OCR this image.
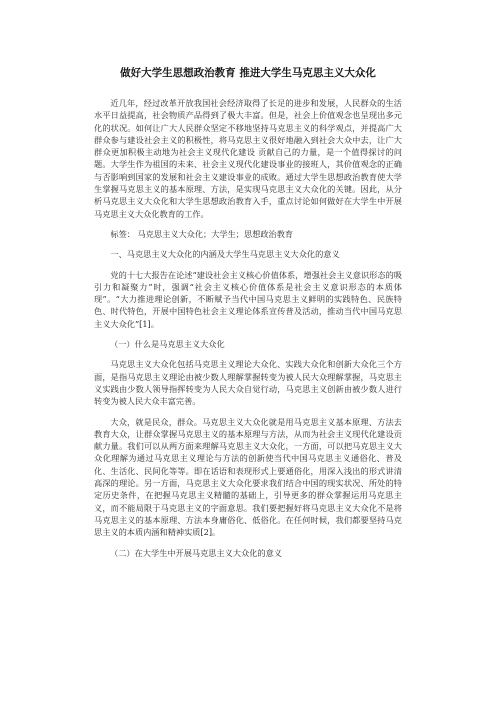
做好大学生思想政治教育 推进大学生马克思主义大众化

近几年，经过改革开放我国社会经济取得了长足的进步和发展，人民群众的生活水平日益提高，社会物质产品得到了极大丰富。但是，社会上价值观念也呈现出多元化的状况。如何让广大人民群众坚定不移地坚持马克思主义的科学观点，并提高广大群众参与建设社会主义的积极性，将马克思主义很好地融入到社会大众中去，让广大群众更加积极主动地为社会主义现代化建设 贡献自己的力量，是一个值得探讨的问题。大学生作为祖国的未来、社会主义现代化建设事业的接班人，其价值观念的正确与否影响到国家的发展和社会主义建设事业的成败。通过大学生思想政治教育使大学生掌握马克思主义的基本原理、方法，是实现马克思主义大众化的关键。因此，从分析马克思主义大众化和大学生思想政治教育入手，重点讨论如何做好在大学生中开展马克思主义大众化教育的工作。

标签： 马克思主义大众化；大学生；思想政治教育

一、马克思主义大众化的内涵及大学生马克思主义大众化的意义

党的十七大报告在论述“建设社会主义核心价值体系，增强社会主义意识形态的吸引力和凝聚力”时，强调“社会主义核心价值体系是社会主义意识形态的本质体现”。“大力推进理论创新，不断赋予当代中国马克思主义鲜明的实践特色、民族特色、时代特色，开展中国特色社会主义理论体系宣传普及活动，推动当代中国马克思主义大众化”[1]。

（一）什么是马克思主义大众化

马克思主义大众化包括马克思主义理论大众化、实践大众化和创新大众化三个方面，是指马克思主义理论由被少数人理解掌握转变为被人民大众理解掌握，马克思主义实践由少数人领导指挥转变为人民大众自觉行动，马克思主义创新由被少数人进行转变为被人民大众丰富完善。

大众，就是民众，群众。马克思主义大众化就是用马克思主义基本原理、方法去教育大众，让群众掌握马克思主义的基本原理与方法，从而为社会主义现代化建设贡献力量。我们可以从两方面来理解马克思主义大众化，一方面，可以把马克思主义大众化理解为通过马克思主义理论与方法的创新使当代中国马克思主义通俗化、普及化、生活化、民间化等等。即在话语和表现形式上要通俗化，用深入浅出的形式讲清高深的理论。另一方面，马克思主义大众化要求我们结合中国的现实状况、所处的特定历史条件，在把握马克思主义精髓的基础上，引导更多的群众掌握运用马克思主义，而不能局限于马克思主义的字面意思。我们要把握好将马克思主义大众化不是将马克思主义的基本原理、方法本身庸俗化、低俗化。在任何时候，我们都要坚持马克思主义的本质内涵和精神实质[2]。

（二）在大学生中开展马克思主义大众化的意义
